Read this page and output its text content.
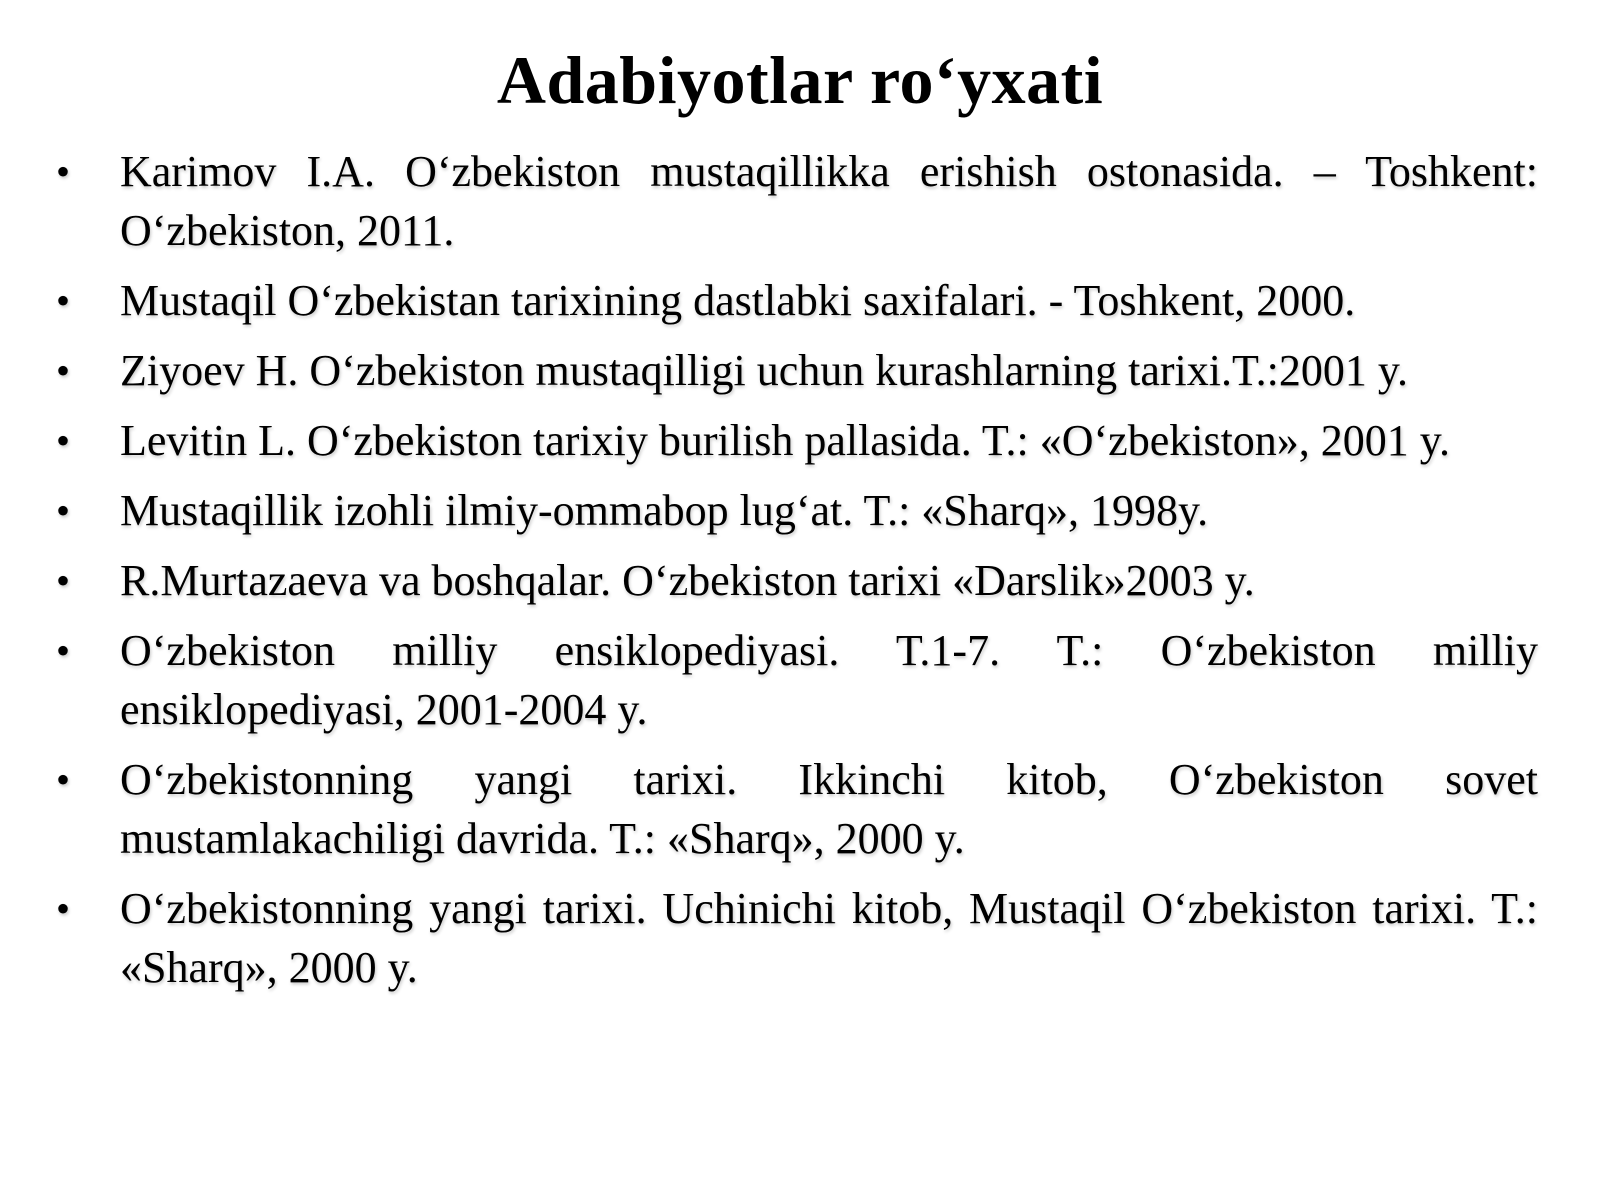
Adabiyotlar ro‘yxati
• Karimov I.A. O‘zbekiston mustaqillikka erishish ostonasida. – Toshkent: O‘zbekiston, 2011.
• Mustaqil O‘zbekistan tarixining dastlabki saxifalari. - Toshkent, 2000.
• Ziyoev H. O‘zbekiston mustaqilligi uchun kurashlarning tarixi.T.:2001 y.
• Levitin L. O‘zbekiston tarixiy burilish pallasida. T.: «O‘zbekiston», 2001 y.
• Mustaqillik izohli ilmiy-ommabop lug‘at. T.: «Sharq», 1998y.
• R.Murtazaeva va boshqalar. O‘zbekiston tarixi «Darslik»2003 y.
• O‘zbekiston milliy ensiklopediyasi. T.1-7. T.: O‘zbekiston milliy ensiklopediyasi, 2001-2004 y.
• O‘zbekistonning yangi tarixi. Ikkinchi kitob, O‘zbekiston sovet mustamlakachiligi davrida. T.: «Sharq», 2000 y.
• O‘zbekistonning yangi tarixi. Uchinichi kitob, Mustaqil O‘zbekiston tarixi. T.: «Sharq», 2000 y.
